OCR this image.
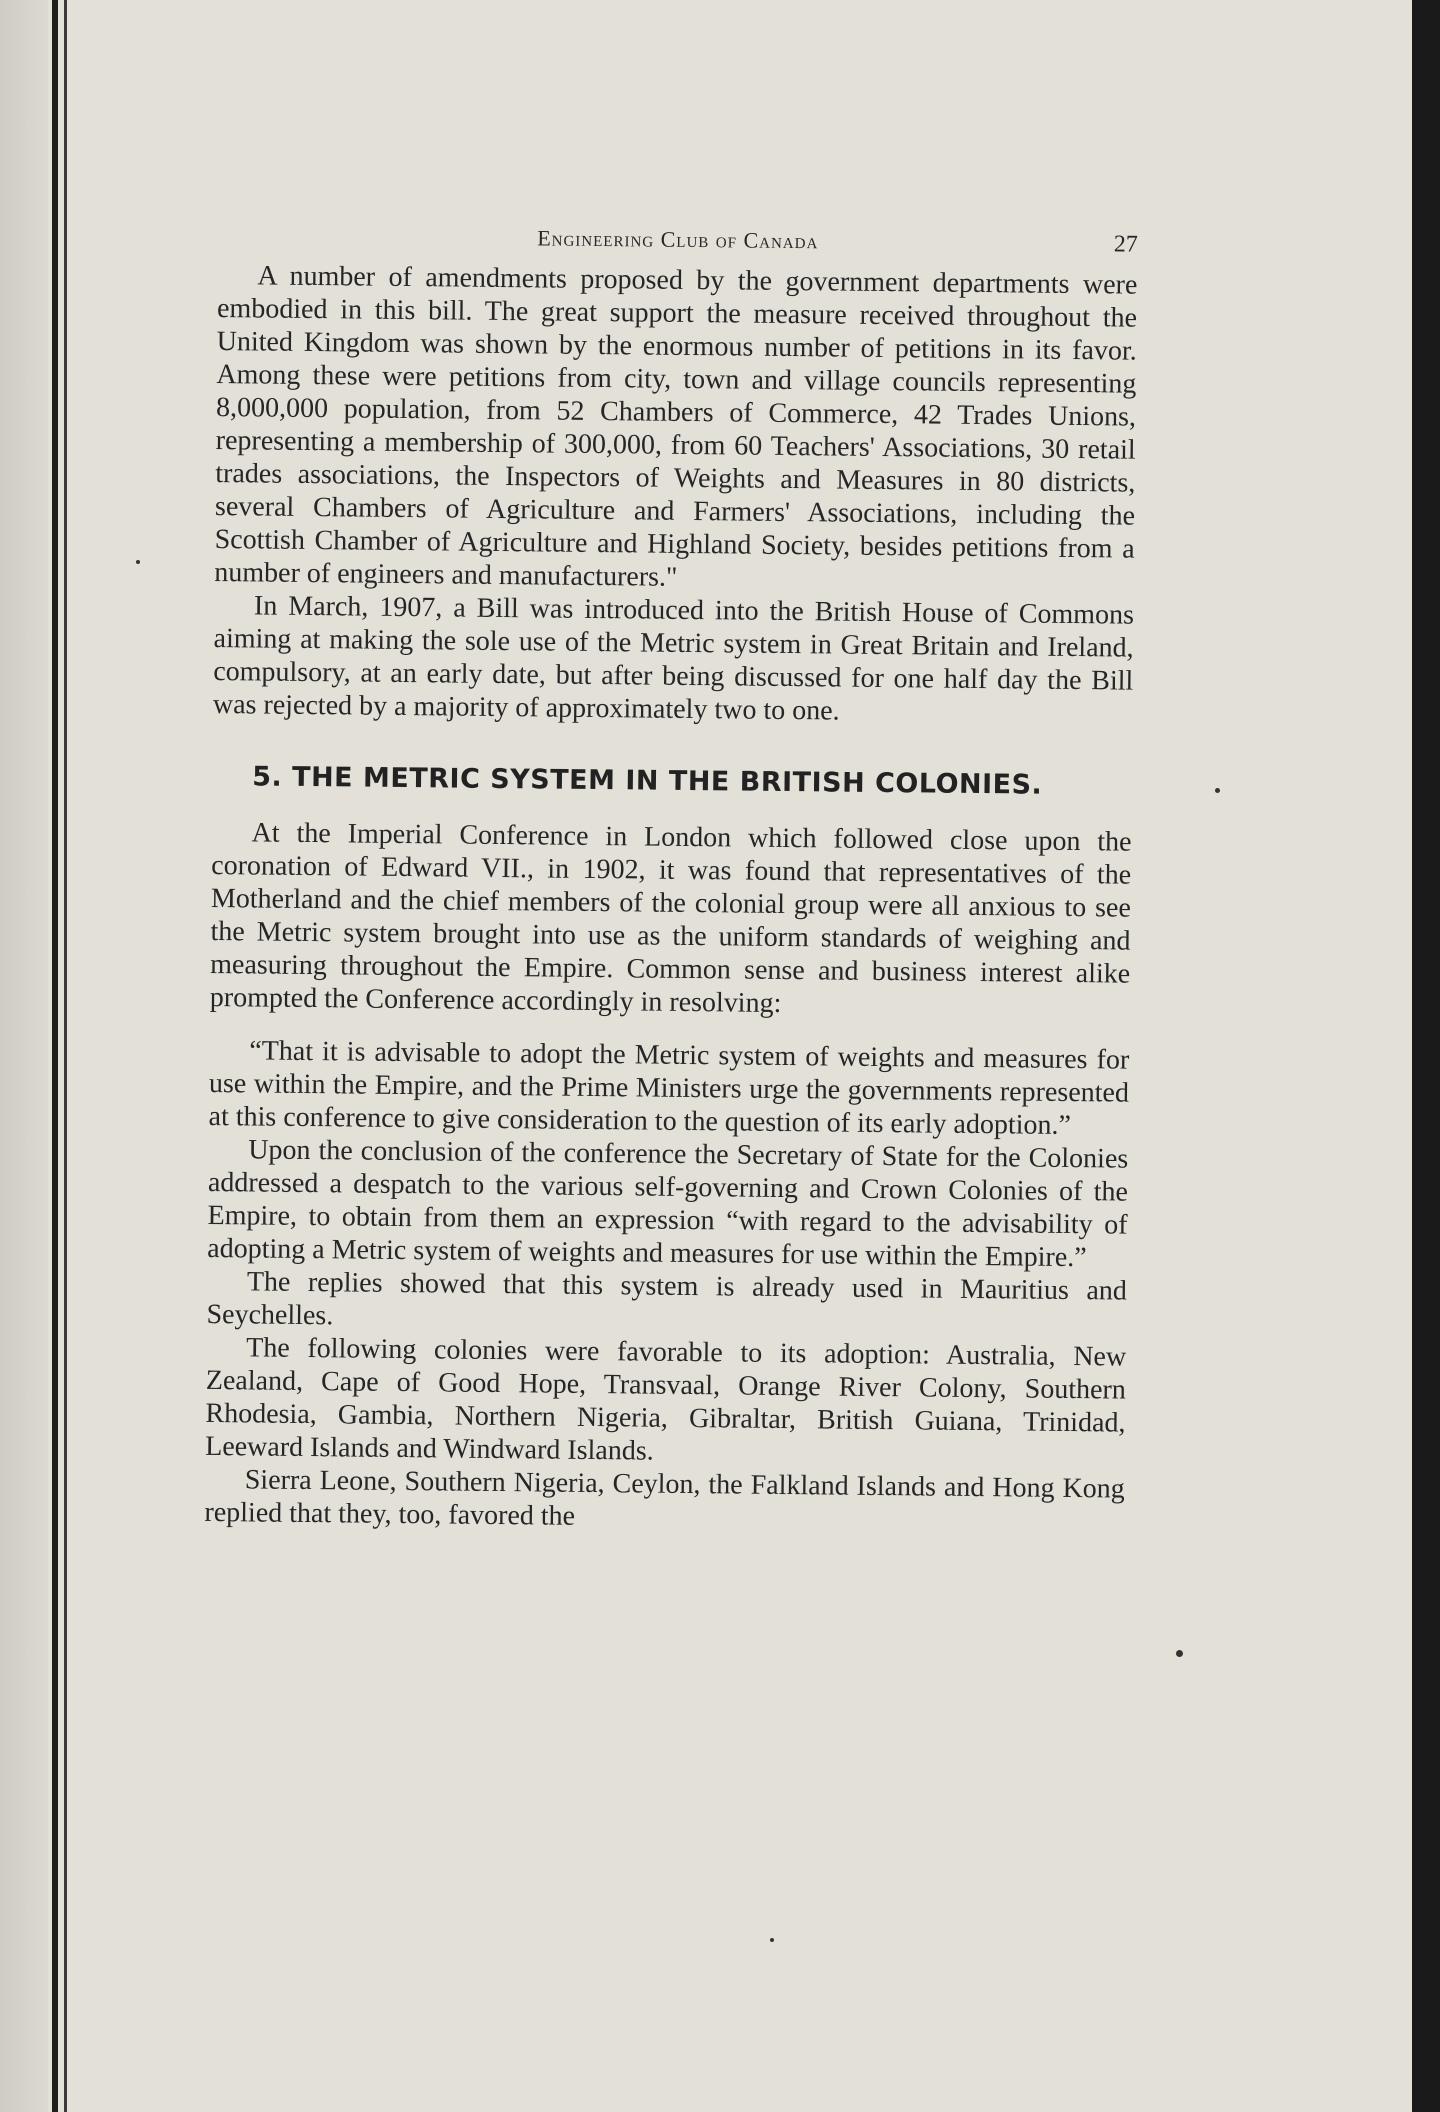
Engineering Club of Canada	27

A number of amendments proposed by the government departments were embodied in this bill. The great support the measure received throughout the United Kingdom was shown by the enormous number of petitions in its favor. Among these were petitions from city, town and village councils representing 8,000,000 population, from 52 Chambers of Commerce, 42 Trades Unions, representing a membership of 300,000, from 60 Teachers' Associations, 30 retail trades associations, the Inspectors of Weights and Measures in 80 districts, several Chambers of Agriculture and Farmers' Associations, including the Scottish Chamber of Agriculture and Highland Society, besides petitions from a number of engineers and manufacturers."

In March, 1907, a Bill was introduced into the British House of Commons aiming at making the sole use of the Metric system in Great Britain and Ireland, compulsory, at an early date, but after being discussed for one half day the Bill was rejected by a majority of approximately two to one.

5. THE METRIC SYSTEM IN THE BRITISH COLONIES.

At the Imperial Conference in London which followed close upon the coronation of Edward VII., in 1902, it was found that representatives of the Motherland and the chief members of the colonial group were all anxious to see the Metric system brought into use as the uniform standards of weighing and measuring throughout the Empire. Common sense and business interest alike prompted the Conference accordingly in resolving:

“That it is advisable to adopt the Metric system of weights and measures for use within the Empire, and the Prime Ministers urge the governments represented at this conference to give consideration to the question of its early adoption.”

Upon the conclusion of the conference the Secretary of State for the Colonies addressed a despatch to the various self-governing and Crown Colonies of the Empire, to obtain from them an expression “with regard to the advisability of adopting a Metric system of weights and measures for use within the Empire.”

The replies showed that this system is already used in Mauritius and Seychelles.

The following colonies were favorable to its adoption: Australia, New Zealand, Cape of Good Hope, Transvaal, Orange River Colony, Southern Rhodesia, Gambia, Northern Nigeria, Gibraltar, British Guiana, Trinidad, Leeward Islands and Windward Islands.

Sierra Leone, Southern Nigeria, Ceylon, the Falkland Islands and Hong Kong replied that they, too, favored the
